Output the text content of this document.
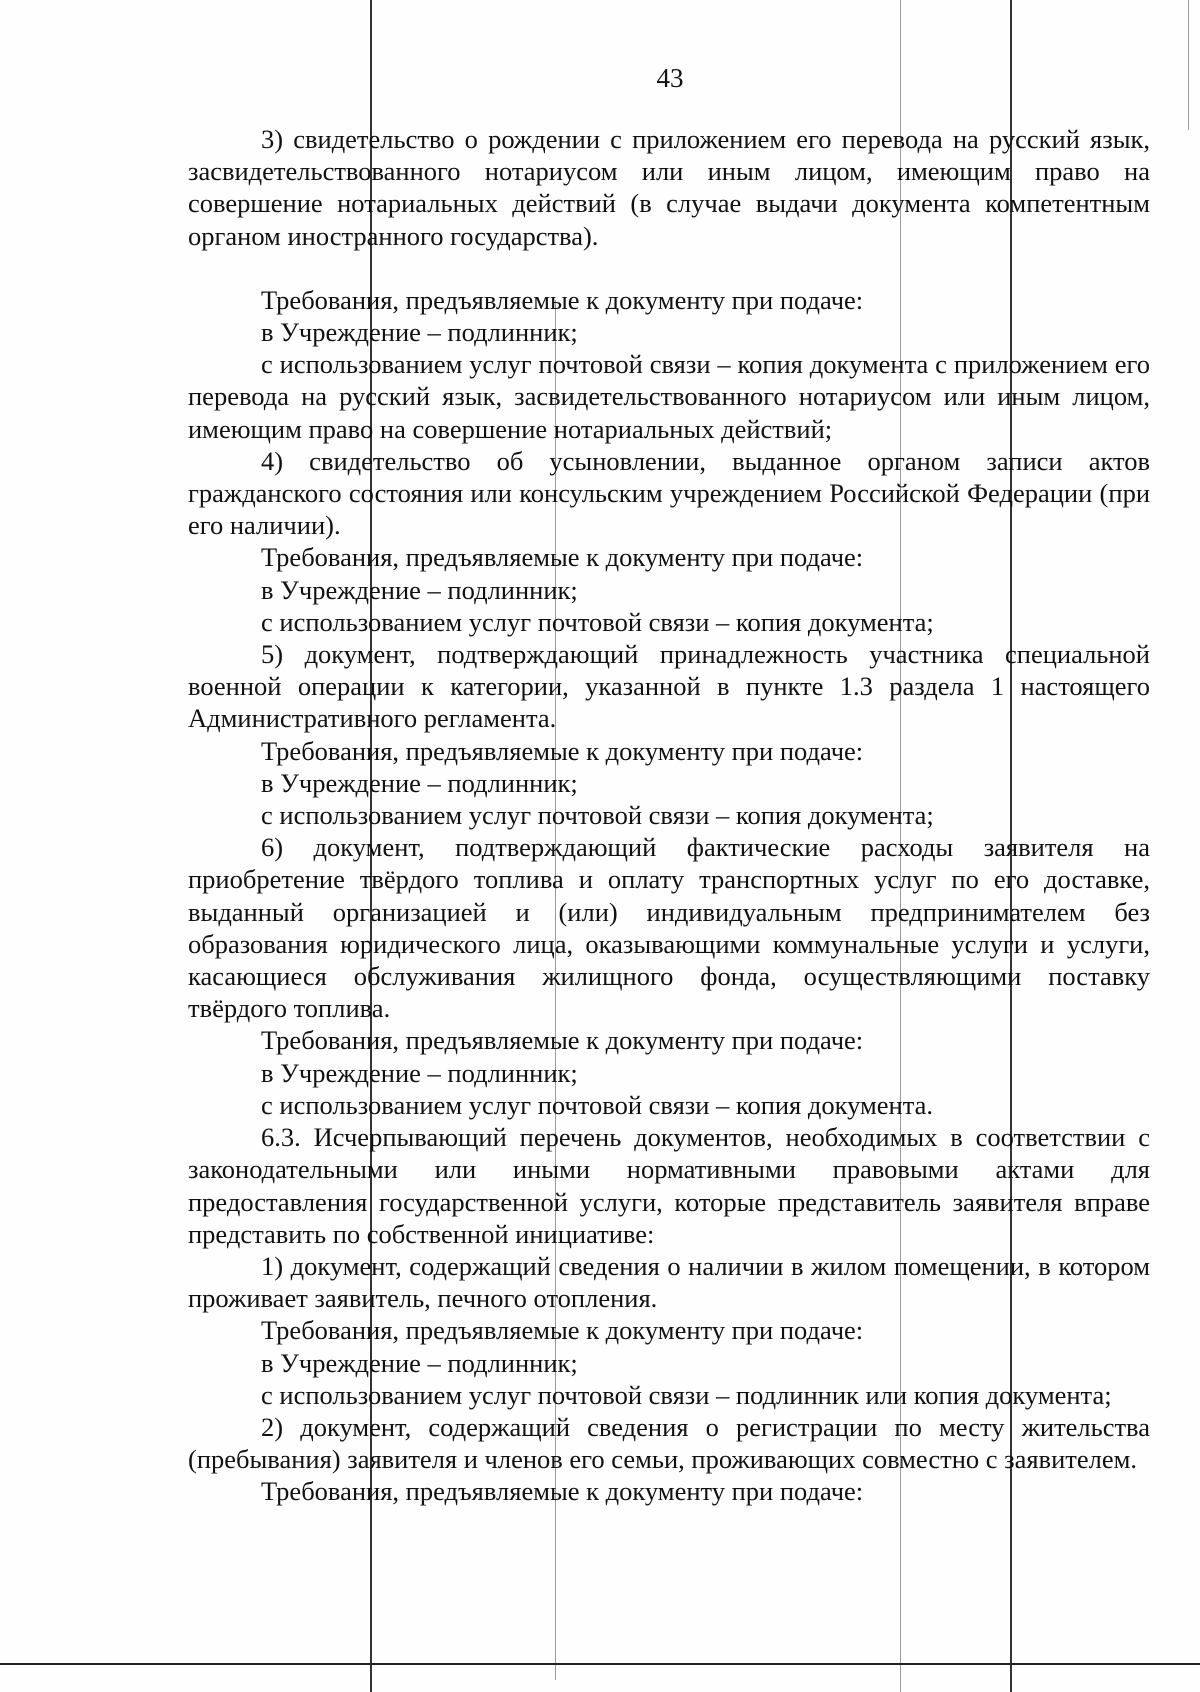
43

3) свидетельство о рождении с приложением его перевода на русский язык, засвидетельствованного нотариусом или иным лицом, имеющим право на совершение нотариальных действий (в случае выдачи документа компетентным органом иностранного государства).

Требования, предъявляемые к документу при подаче:

в Учреждение – подлинник;

с использованием услуг почтовой связи – копия документа с приложением его перевода на русский язык, засвидетельствованного нотариусом или иным лицом, имеющим право на совершение нотариальных действий;

4) свидетельство об усыновлении, выданное органом записи актов гражданского состояния или консульским учреждением Российской Федерации (при его наличии).

Требования, предъявляемые к документу при подаче:

в Учреждение – подлинник;

с использованием услуг почтовой связи – копия документа;

5) документ, подтверждающий принадлежность участника специальной военной операции к категории, указанной в пункте 1.3 раздела 1 настоящего Административного регламента.

Требования, предъявляемые к документу при подаче:

в Учреждение – подлинник;

с использованием услуг почтовой связи – копия документа;

6) документ, подтверждающий фактические расходы заявителя на приобретение твёрдого топлива и оплату транспортных услуг по его доставке, выданный организацией и (или) индивидуальным предпринимателем без образования юридического лица, оказывающими коммунальные услуги и услуги, касающиеся обслуживания жилищного фонда, осуществляющими поставку твёрдого топлива.

Требования, предъявляемые к документу при подаче:

в Учреждение – подлинник;

с использованием услуг почтовой связи – копия документа.

6.3. Исчерпывающий перечень документов, необходимых в соответствии с законодательными или иными нормативными правовыми актами для предоставления государственной услуги, которые представитель заявителя вправе представить по собственной инициативе:

1) документ, содержащий сведения о наличии в жилом помещении, в котором проживает заявитель, печного отопления.

Требования, предъявляемые к документу при подаче:

в Учреждение – подлинник;

с использованием услуг почтовой связи – подлинник или копия документа;

2) документ, содержащий сведения о регистрации по месту жительства (пребывания) заявителя и членов его семьи, проживающих совместно с заявителем.

Требования, предъявляемые к документу при подаче:
